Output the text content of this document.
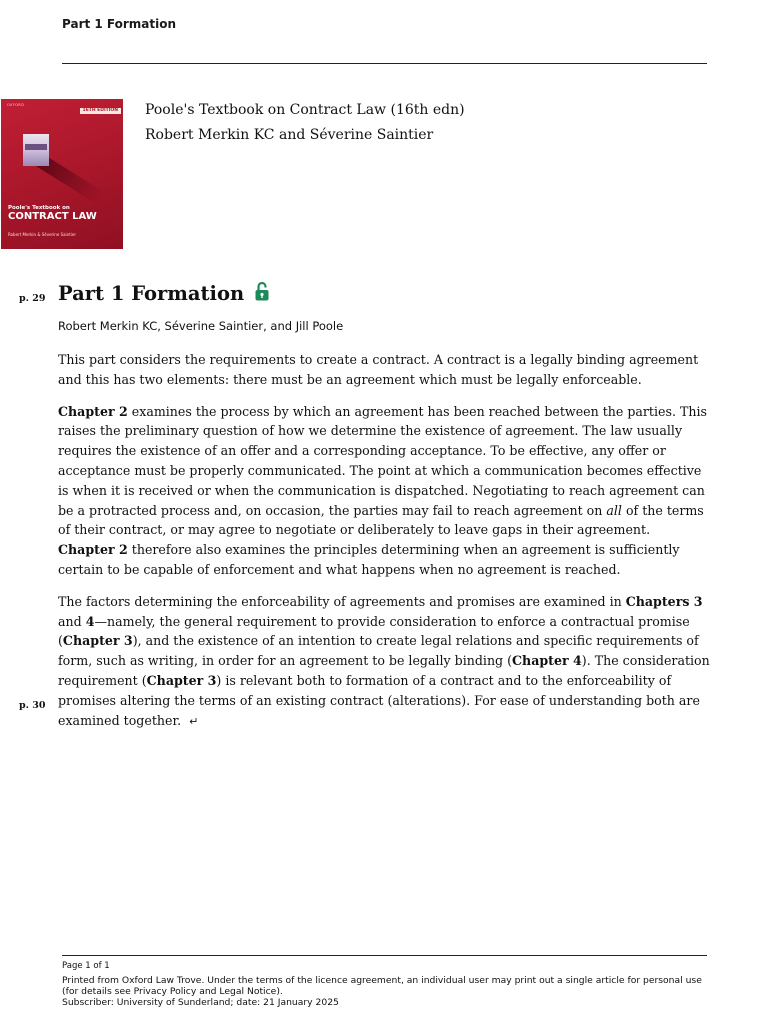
Part 1 Formation
OXFORD
16TH EDITION
Poole's Textbook on
CONTRACT LAW
Robert Merkin & Séverine Saintier
Poole's Textbook on Contract Law (16th edn)
Robert Merkin KC and Séverine Saintier
p. 29 Part 1 Formation
Robert Merkin KC, Séverine Saintier, and Jill Poole

This part considers the requirements to create a contract. A contract is a legally binding agreement and this has two elements: there must be an agreement which must be legally enforceable.

Chapter 2 examines the process by which an agreement has been reached between the parties. This raises the preliminary question of how we determine the existence of agreement. The law usually requires the existence of an offer and a corresponding acceptance. To be effective, any offer or acceptance must be properly communicated. The point at which a communication becomes effective is when it is received or when the communication is dispatched. Negotiating to reach agreement can be a protracted process and, on occasion, the parties may fail to reach agreement on all of the terms of their contract, or may agree to negotiate or deliberately to leave gaps in their agreement. Chapter 2 therefore also examines the principles determining when an agreement is sufficiently certain to be capable of enforcement and what happens when no agreement is reached.

The factors determining the enforceability of agreements and promises are examined in Chapters 3 and 4—namely, the general requirement to provide consideration to enforce a contractual promise (Chapter 3), and the existence of an intention to create legal relations and specific requirements of form, such as writing, in order for an agreement to be legally binding (Chapter 4). The consideration requirement (Chapter 3) is relevant both to formation of a contract and to the enforceability of promises altering the terms of an existing contract (alterations). For ease of understanding both are examined together. ↵

p. 30
Page 1 of 1
Printed from Oxford Law Trove. Under the terms of the licence agreement, an individual user may print out a single article for personal use (for details see Privacy Policy and Legal Notice).
Subscriber: University of Sunderland; date: 21 January 2025
